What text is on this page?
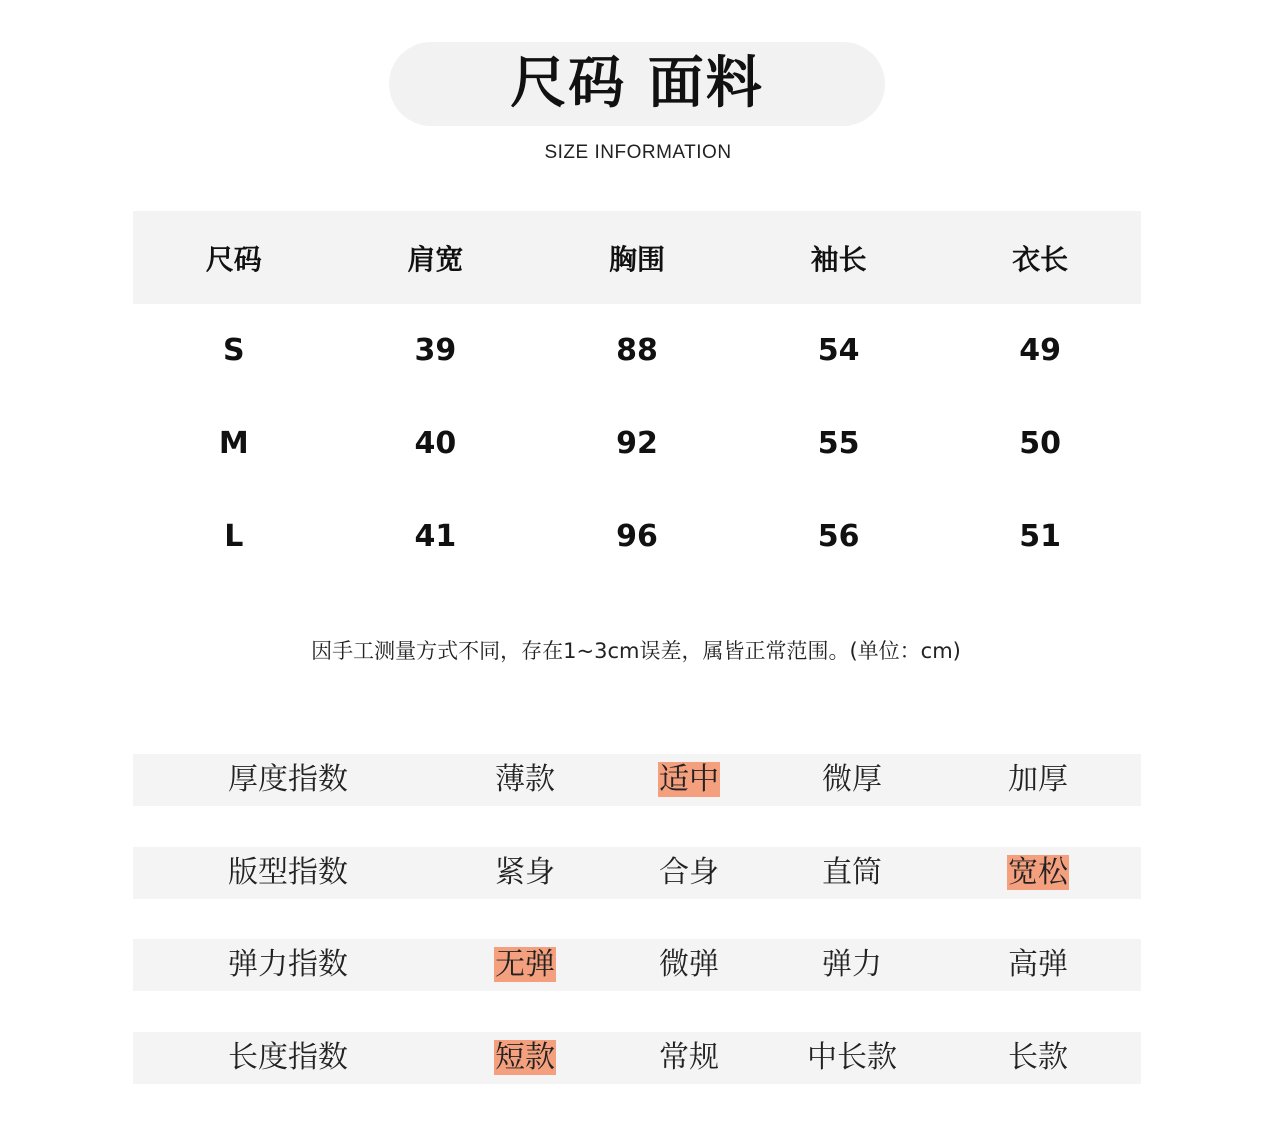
尺码 面料
SIZE INFORMATION
尺码	肩宽	胸围	袖长	衣长
S	39	88	54	49
M	40	92	55	50
L	41	96	56	51
因手工测量方式不同，存在1~3cm误差，属皆正常范围。(单位：cm)
厚度指数	薄款	适中	微厚	加厚
版型指数	紧身	合身	直筒	宽松
弹力指数	无弹	微弹	弹力	高弹
长度指数	短款	常规	中长款	长款
